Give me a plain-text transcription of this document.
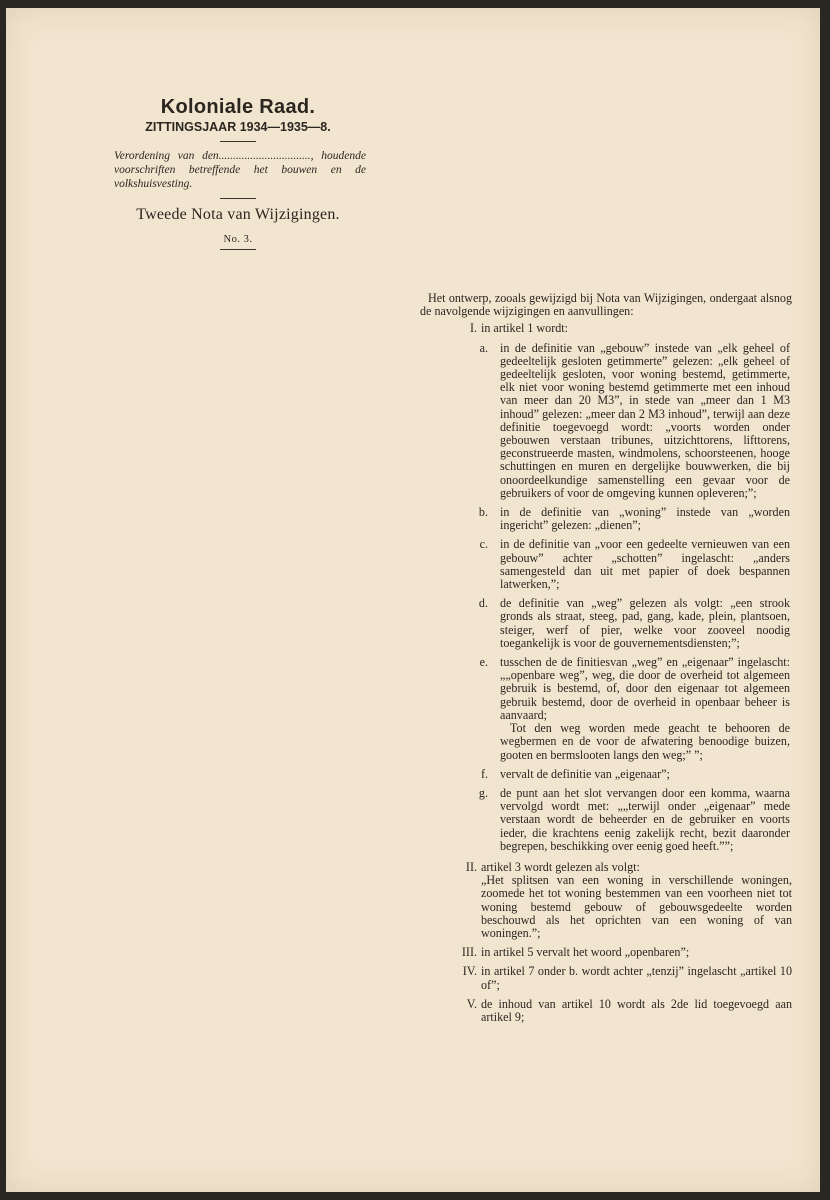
Koloniale Raad.
ZITTINGSJAAR 1934—1935—8.
Verordening van den................................, houdende voorschriften betreffende het bouwen en de volkshuisvesting.
Tweede Nota van Wijzigingen.
No. 3.

Het ontwerp, zooals gewijzigd bij Nota van Wijzigingen, ondergaat alsnog de navolgende wijzigingen en aanvullingen:

I. in artikel 1 wordt:

a. in de definitie van „gebouw” instede van „elk geheel of gedeeltelijk gesloten getimmerte” gelezen: „elk geheel of gedeeltelijk gesloten, voor woning bestemd, getimmerte, elk niet voor woning bestemd getimmerte met een inhoud van meer dan 20 M3”, in stede van „meer dan 1 M3 inhoud” gelezen: „meer dan 2 M3 inhoud”, terwijl aan deze definitie toegevoegd wordt: „voorts worden onder gebouwen verstaan tribunes, uitzichttorens, lifttorens, geconstrueerde masten, windmolens, schoorsteenen, hooge schuttingen en muren en dergelijke bouwwerken, die bij onoordeelkundige samenstelling een gevaar voor de gebruikers of voor de omgeving kunnen opleveren;”;

b. in de definitie van „woning” instede van „worden ingericht” gelezen: „dienen”;

c. in de definitie van „voor een gedeelte vernieuwen van een gebouw” achter „schotten” ingelascht: „anders samengesteld dan uit met papier of doek bespannen latwerken,”;

d. de definitie van „weg” gelezen als volgt: „een strook gronds als straat, steeg, pad, gang, kade, plein, plantsoen, steiger, werf of pier, welke voor zooveel noodig toegankelijk is voor de gouvernementsdiensten;”;

e. tusschen de de finitiesvan „weg” en „eigenaar” ingelascht: „„openbare weg”, weg, die door de overheid tot algemeen gebruik is bestemd, of, door den eigenaar tot algemeen gebruik bestemd, door de overheid in openbaar beheer is aanvaard;

Tot den weg worden mede geacht te behooren de wegbermen en de voor de afwatering benoodige buizen, gooten en bermslooten langs den weg;” ”;

f. vervalt de definitie van „eigenaar”;

g. de punt aan het slot vervangen door een komma, waarna vervolgd wordt met: „„terwijl onder „eigenaar” mede verstaan wordt de beheerder en de gebruiker en voorts ieder, die krachtens eenig zakelijk recht, bezit daaronder begrepen, beschikking over eenig goed heeft.””;

II. artikel 3 wordt gelezen als volgt:

„Het splitsen van een woning in verschillende woningen, zoomede het tot woning bestemmen van een voorheen niet tot woning bestemd gebouw of gebouwsgedeelte worden beschouwd als het oprichten van een woning of van woningen.”;

III. in artikel 5 vervalt het woord „openbaren”;

IV. in artikel 7 onder b. wordt achter „tenzij” ingelascht „artikel 10 of”;

V. de inhoud van artikel 10 wordt als 2de lid toegevoegd aan artikel 9;
